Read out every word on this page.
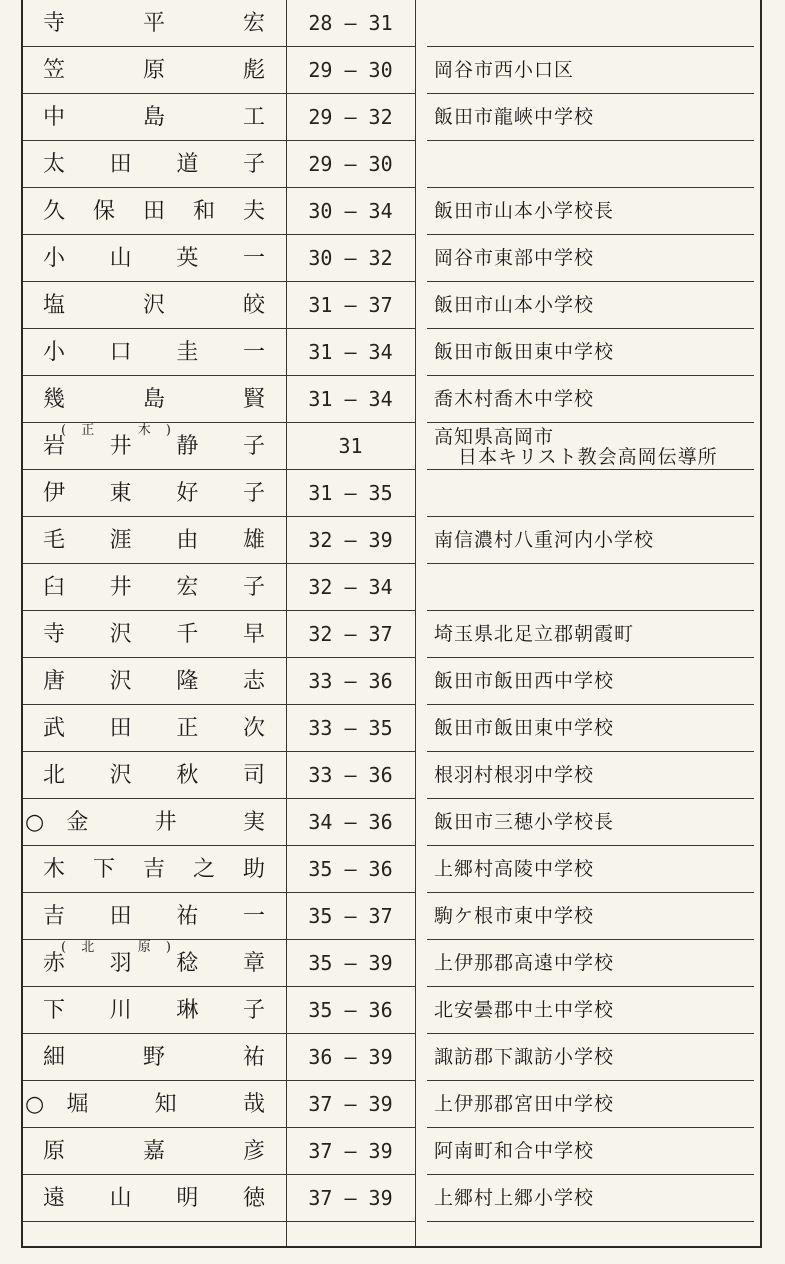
寺　平　宏	28 — 31
笠　原　彪	29 — 30	岡谷市西小口区
中　島　工	29 — 32	飯田市龍峽中学校
太田道子	29 — 30
久保田和夫	30 — 34	飯田市山本小学校長
小　山　英　一	30 — 32	岡谷市東部中学校
塩　沢　皎	31 — 37	飯田市山本小学校
小　口　圭　一	31 — 34	飯田市飯田東中学校
幾　島　賢	31 — 34	喬木村喬木中学校
(正　木)
岩　井　静　子	31	高知県高岡市
日本キリスト教会高岡伝導所
伊　東　好　子	31 — 35
毛　涯　由　雄	32 — 39	南信濃村八重河内小学校
臼　井　宏　子	32 — 34
寺　沢　千　早	32 — 37	埼玉県北足立郡朝霞町
唐　沢　隆　志	33 — 36	飯田市飯田西中学校
武　田　正　次	33 — 35	飯田市飯田東中学校
北　沢　秋　司	33 — 36	根羽村根羽中学校
○金　井　実	34 — 36	飯田市三穂小学校長
木下吉之助	35 — 36	上郷村高陵中学校
吉　田　祐　一	35 — 37	駒ケ根市東中学校
(北　原)
赤　羽　稔　章	35 — 39	上伊那郡高遠中学校
下　川　琳　子	35 — 36	北安曇郡中土中学校
細　野　祐	36 — 39	諏訪郡下諏訪小学校
○堀　知　哉	37 — 39	上伊那郡宮田中学校
原　嘉　彦	37 — 39	阿南町和合中学校
遠　山　明　徳	37 — 39	上郷村上郷小学校
